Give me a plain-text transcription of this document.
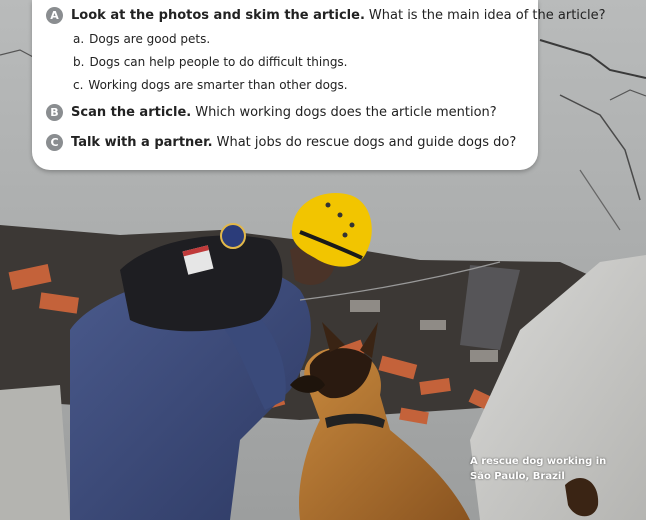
A Look at the photos and skim the article. What is the main idea of the article?
a. Dogs are good pets.
b. Dogs can help people to do difficult things.
c. Working dogs are smarter than other dogs.
B Scan the article. Which working dogs does the article mention?
C Talk with a partner. What jobs do rescue dogs and guide dogs do?
A rescue dog working in
São Paulo, Brazil
